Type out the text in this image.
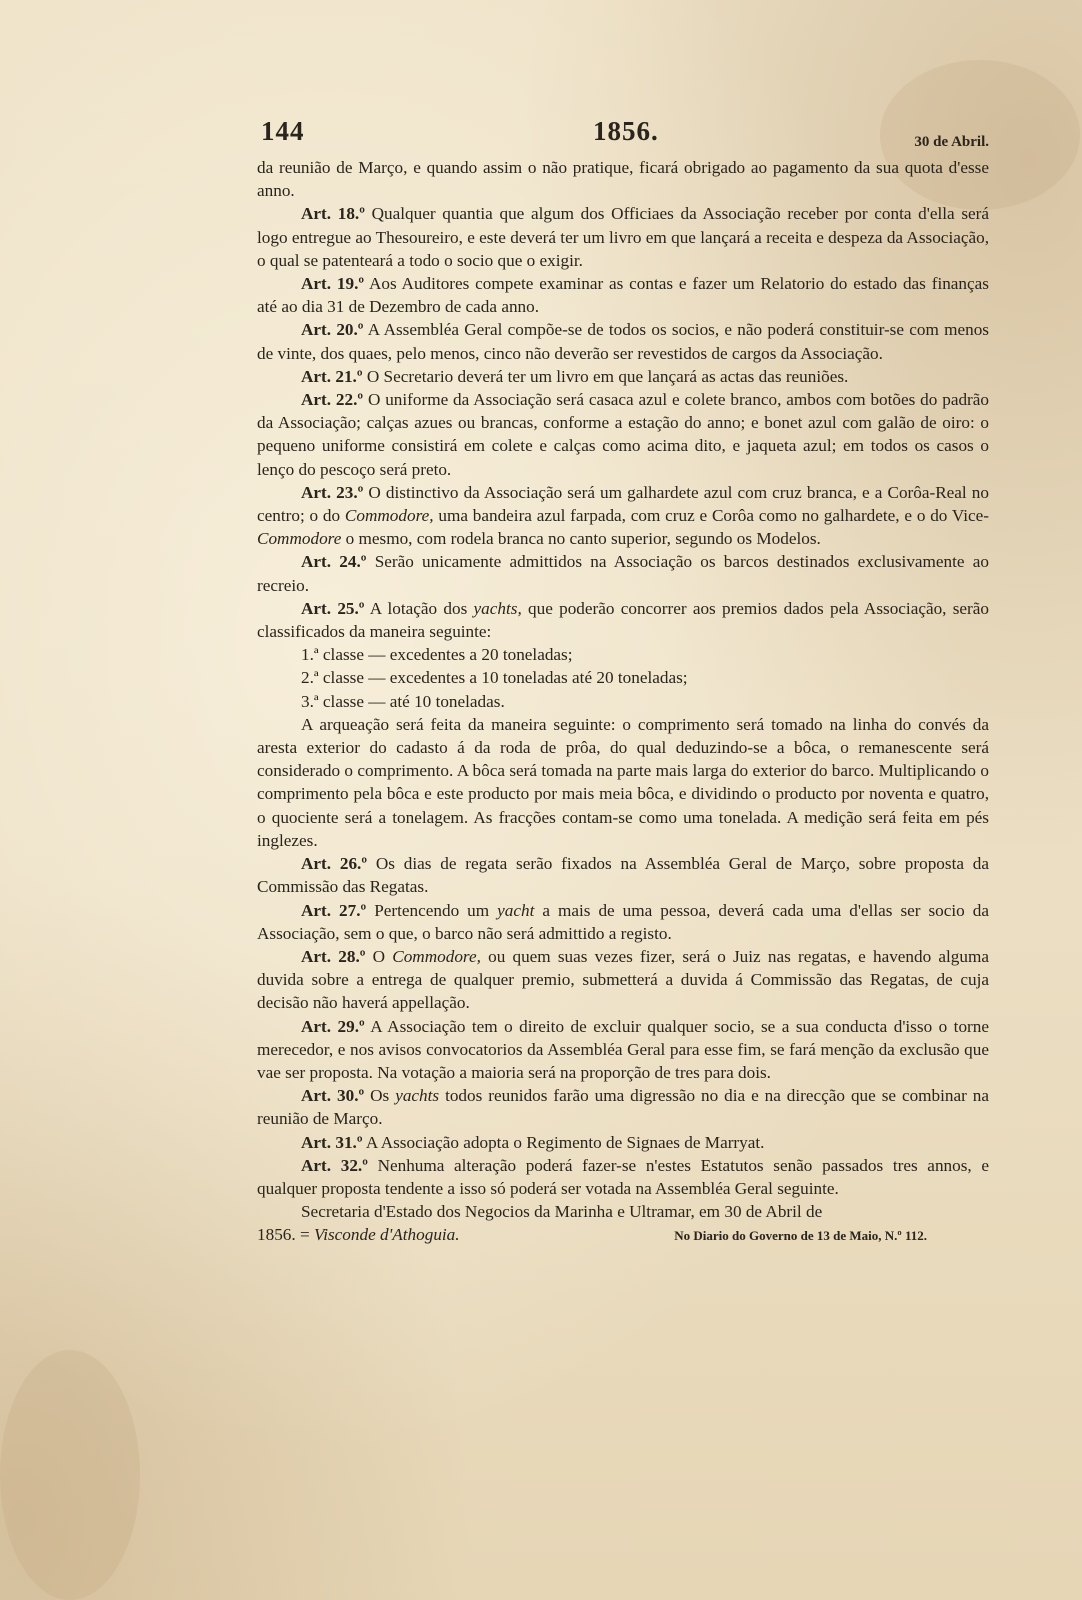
144	1856.	30 de Abril.

da reunião de Março, e quando assim o não pratique, ficará obrigado ao pagamento da sua quota d'esse anno.

Art. 18.º Qualquer quantia que algum dos Officiaes da Associação receber por conta d'ella será logo entregue ao Thesoureiro, e este deverá ter um livro em que lançará a receita e despeza da Associação, o qual se patenteará a todo o socio que o exigir.

Art. 19.º Aos Auditores compete examinar as contas e fazer um Relatorio do estado das finanças até ao dia 31 de Dezembro de cada anno.

Art. 20.º A Assembléa Geral compõe-se de todos os socios, e não poderá constituir-se com menos de vinte, dos quaes, pelo menos, cinco não deverão ser revestidos de cargos da Associação.

Art. 21.º O Secretario deverá ter um livro em que lançará as actas das reuniões.

Art. 22.º O uniforme da Associação será casaca azul e colete branco, ambos com botões do padrão da Associação; calças azues ou brancas, conforme a estação do anno; e bonet azul com galão de oiro: o pequeno uniforme consistirá em colete e calças como acima dito, e jaqueta azul; em todos os casos o lenço do pescoço será preto.

Art. 23.º O distinctivo da Associação será um galhardete azul com cruz branca, e a Corôa-Real no centro; o do Commodore, uma bandeira azul farpada, com cruz e Corôa como no galhardete, e o do Vice-Commodore o mesmo, com rodela branca no canto superior, segundo os Modelos.

Art. 24.º Serão unicamente admittidos na Associação os barcos destinados exclusivamente ao recreio.

Art. 25.º A lotação dos yachts, que poderão concorrer aos premios dados pela Associação, serão classificados da maneira seguinte:

1.ª classe — excedentes a 20 toneladas;
2.ª classe — excedentes a 10 toneladas até 20 toneladas;
3.ª classe — até 10 toneladas.

A arqueação será feita da maneira seguinte: o comprimento será tomado na linha do convés da aresta exterior do cadasto á da roda de prôa, do qual deduzindo-se a bôca, o remanescente será considerado o comprimento. A bôca será tomada na parte mais larga do exterior do barco. Multiplicando o comprimento pela bôca e este producto por mais meia bôca, e dividindo o producto por noventa e quatro, o quociente será a tonelagem. As fracções contam-se como uma tonelada. A medição será feita em pés inglezes.

Art. 26.º Os dias de regata serão fixados na Assembléa Geral de Março, sobre proposta da Commissão das Regatas.

Art. 27.º Pertencendo um yacht a mais de uma pessoa, deverá cada uma d'ellas ser socio da Associação, sem o que, o barco não será admittido a registo.

Art. 28.º O Commodore, ou quem suas vezes fizer, será o Juiz nas regatas, e havendo alguma duvida sobre a entrega de qualquer premio, submetterá a duvida á Commissão das Regatas, de cuja decisão não haverá appellação.

Art. 29.º A Associação tem o direito de excluir qualquer socio, se a sua conducta d'isso o torne merecedor, e nos avisos convocatorios da Assembléa Geral para esse fim, se fará menção da exclusão que vae ser proposta. Na votação a maioria será na proporção de tres para dois.

Art. 30.º Os yachts todos reunidos farão uma digressão no dia e na direcção que se combinar na reunião de Março.

Art. 31.º A Associação adopta o Regimento de Signaes de Marryat.

Art. 32.º Nenhuma alteração poderá fazer-se n'estes Estatutos senão passados tres annos, e qualquer proposta tendente a isso só poderá ser votada na Assembléa Geral seguinte.

Secretaria d'Estado dos Negocios da Marinha e Ultramar, em 30 de Abril de

1856. = Visconde d'Athoguia.	No Diario do Governo de 13 de Maio, N.º 112.
